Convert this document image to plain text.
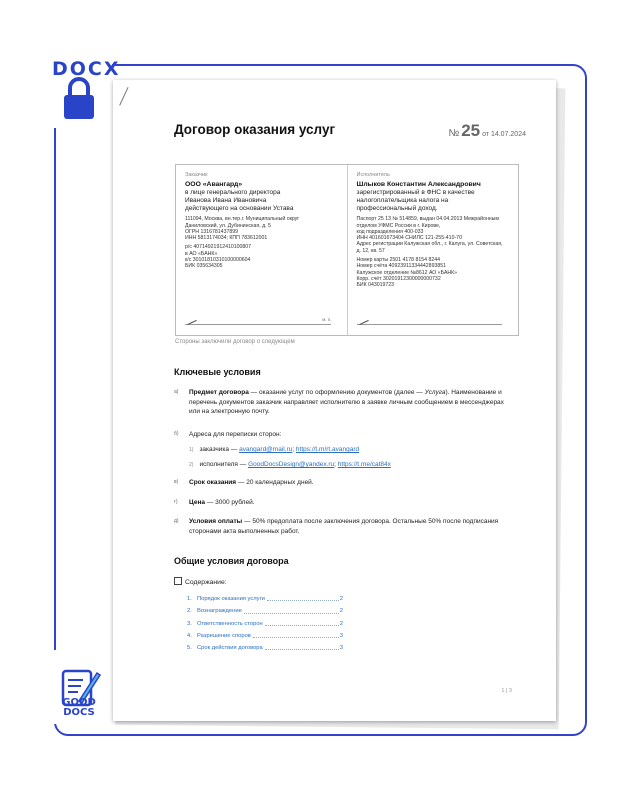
DOCX
GOOD
DOCS
Договор оказания услуг	№ 25 от 14.07.2024
Заказчик
ООО «Авангард»
в лице генерального директора
Иванова Ивана Ивановича
действующего на основании Устава
111094, Москва, вн.тер.г. Муниципальный округ
Даниловский, ул. Дубининская, д. 5
ОГРН 1316781437899
ИНН 5813174034; КПП 783612001
р/с 40714921912410100807
в АО «БАНК»
к/с 30101810310100000604
БИК 035634305
м. п.
Исполнитель
Шлыков Константин Александрович
зарегистрированный в ФНС в качестве
налогоплательщика налога на
профессиональный доход.
Паспорт 25 13 № 514859, выдан 04.04.2013 Межрайонным
отделом УФМС России в г. Кирове,
код подразделения 400-033
ИНН 401601673404 СНИЛС 121-255-410-70
Адрес регистрации Калужская обл., г. Калуга, ул. Советская,
д. 12, кв. 57
Номер карты 2501 4178 8154 8244
Номер счёта 40923911334442893851
Калужское отделение №8612 АО «БАНК»
Корр. счёт 30201912300000000732
БИК 043019723
Стороны заключили договор о следующем
Ключевые условия
а) Предмет договора — оказание услуг по оформлению документов (далее — Услуга). Наименование и перечень документов заказчик направляет исполнителю в заявке личным сообщением в мессенджерах или на электронную почту.
б) Адреса для переписки сторон:
1) заказчика — avangard@mail.ru; https://t.m/rt.avangard
2) исполнителя — GoodDocsDesign@yandex.ru; https://t.me/cat84x
в) Срок оказания — 20 календарных дней.
г) Цена — 3000 рублей.
д) Условия оплаты — 50% предоплата после заключения договора. Остальные 50% после подписания сторонами акта выполненных работ.
Общие условия договора
Содержание:
1. Порядок оказания услуги	2
2. Вознаграждение	2
3. Ответственность сторон	2
4. Разрешение споров	3
5. Срок действия договора	3
1 | 3
